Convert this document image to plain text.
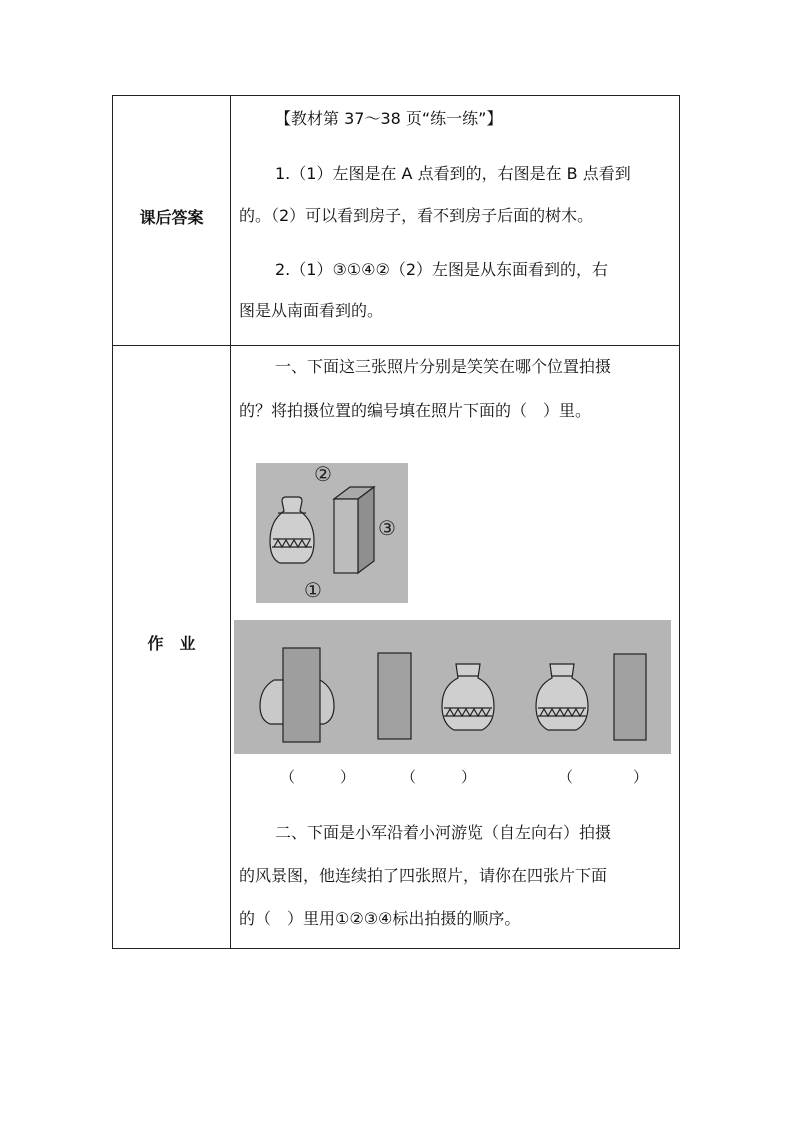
课后答案
【教材第 37～38 页“练一练”】
1.（1）左图是在 A 点看到的，右图是在 B 点看到
的。（2）可以看到房子，看不到房子后面的树木。
2.（1）③①④②（2）左图是从东面看到的，右
图是从南面看到的。
作　业
一、下面这三张照片分别是笑笑在哪个位置拍摄
的？将拍摄位置的编号填在照片下面的（　）里。
②
③
①
（　　　）	（　　　）	（　　　　）
二、下面是小军沿着小河游览（自左向右）拍摄
的风景图，他连续拍了四张照片，请你在四张片下面
的（　）里用①②③④标出拍摄的顺序。
